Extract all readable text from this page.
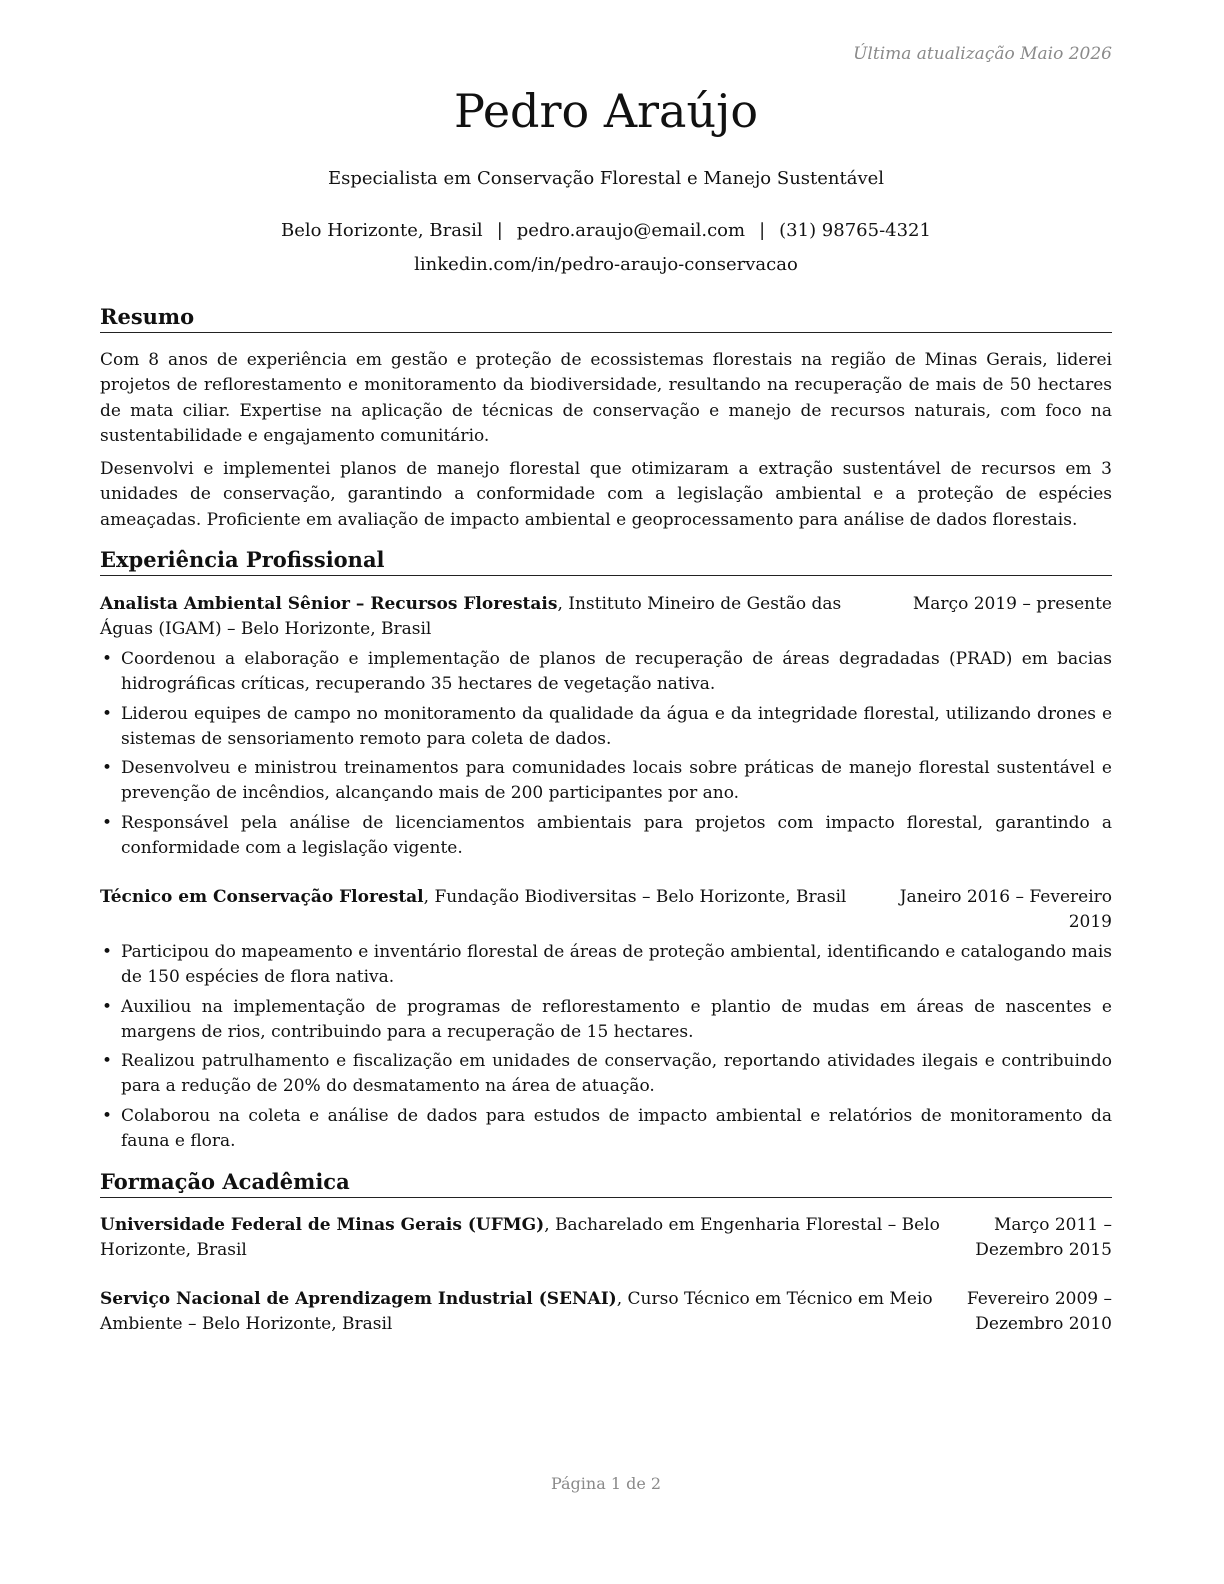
Última atualização Maio 2026
Pedro Araújo
Especialista em Conservação Florestal e Manejo Sustentável
Belo Horizonte, Brasil | pedro.araujo@email.com | (31) 98765-4321
linkedin.com/in/pedro-araujo-conservacao
Resumo

Com 8 anos de experiência em gestão e proteção de ecossistemas florestais na região de Minas Gerais, liderei projetos de reflorestamento e monitoramento da biodiversidade, resultando na recuperação de mais de 50 hectares de mata ciliar. Expertise na aplicação de técnicas de conservação e manejo de recursos naturais, com foco na sustentabilidade e engajamento comunitário.

Desenvolvi e implementei planos de manejo florestal que otimizaram a extração sustentável de recursos em 3 unidades de conservação, garantindo a conformidade com a legislação ambiental e a proteção de espécies ameaçadas. Proficiente em avaliação de impacto ambiental e geoprocessamento para análise de dados florestais.

Experiência Profissional
Analista Ambiental Sênior – Recursos Florestais, Instituto Mineiro de Gestão das Águas (IGAM) – Belo Horizonte, Brasil
Março 2019 – presente
• Coordenou a elaboração e implementação de planos de recuperação de áreas degradadas (PRAD) em bacias hidrográficas críticas, recuperando 35 hectares de vegetação nativa.
• Liderou equipes de campo no monitoramento da qualidade da água e da integridade florestal, utilizando drones e sistemas de sensoriamento remoto para coleta de dados.
• Desenvolveu e ministrou treinamentos para comunidades locais sobre práticas de manejo florestal sustentável e prevenção de incêndios, alcançando mais de 200 participantes por ano.
• Responsável pela análise de licenciamentos ambientais para projetos com impacto florestal, garantindo a conformidade com a legislação vigente.
Técnico em Conservação Florestal, Fundação Biodiversitas – Belo Horizonte, Brasil	Janeiro 2016 – Fevereiro 2019
• Participou do mapeamento e inventário florestal de áreas de proteção ambiental, identificando e catalogando mais de 150 espécies de flora nativa.
• Auxiliou na implementação de programas de reflorestamento e plantio de mudas em áreas de nascentes e margens de rios, contribuindo para a recuperação de 15 hectares.
• Realizou patrulhamento e fiscalização em unidades de conservação, reportando atividades ilegais e contribuindo para a redução de 20% do desmatamento na área de atuação.
• Colaborou na coleta e análise de dados para estudos de impacto ambiental e relatórios de monitoramento da fauna e flora.
Formação Acadêmica
Universidade Federal de Minas Gerais (UFMG), Bacharelado em Engenharia Florestal – Belo Horizonte, Brasil
Março 2011 – Dezembro 2015
Serviço Nacional de Aprendizagem Industrial (SENAI), Curso Técnico em Técnico em Meio Ambiente – Belo Horizonte, Brasil
Fevereiro 2009 – Dezembro 2010
Página 1 de 2
